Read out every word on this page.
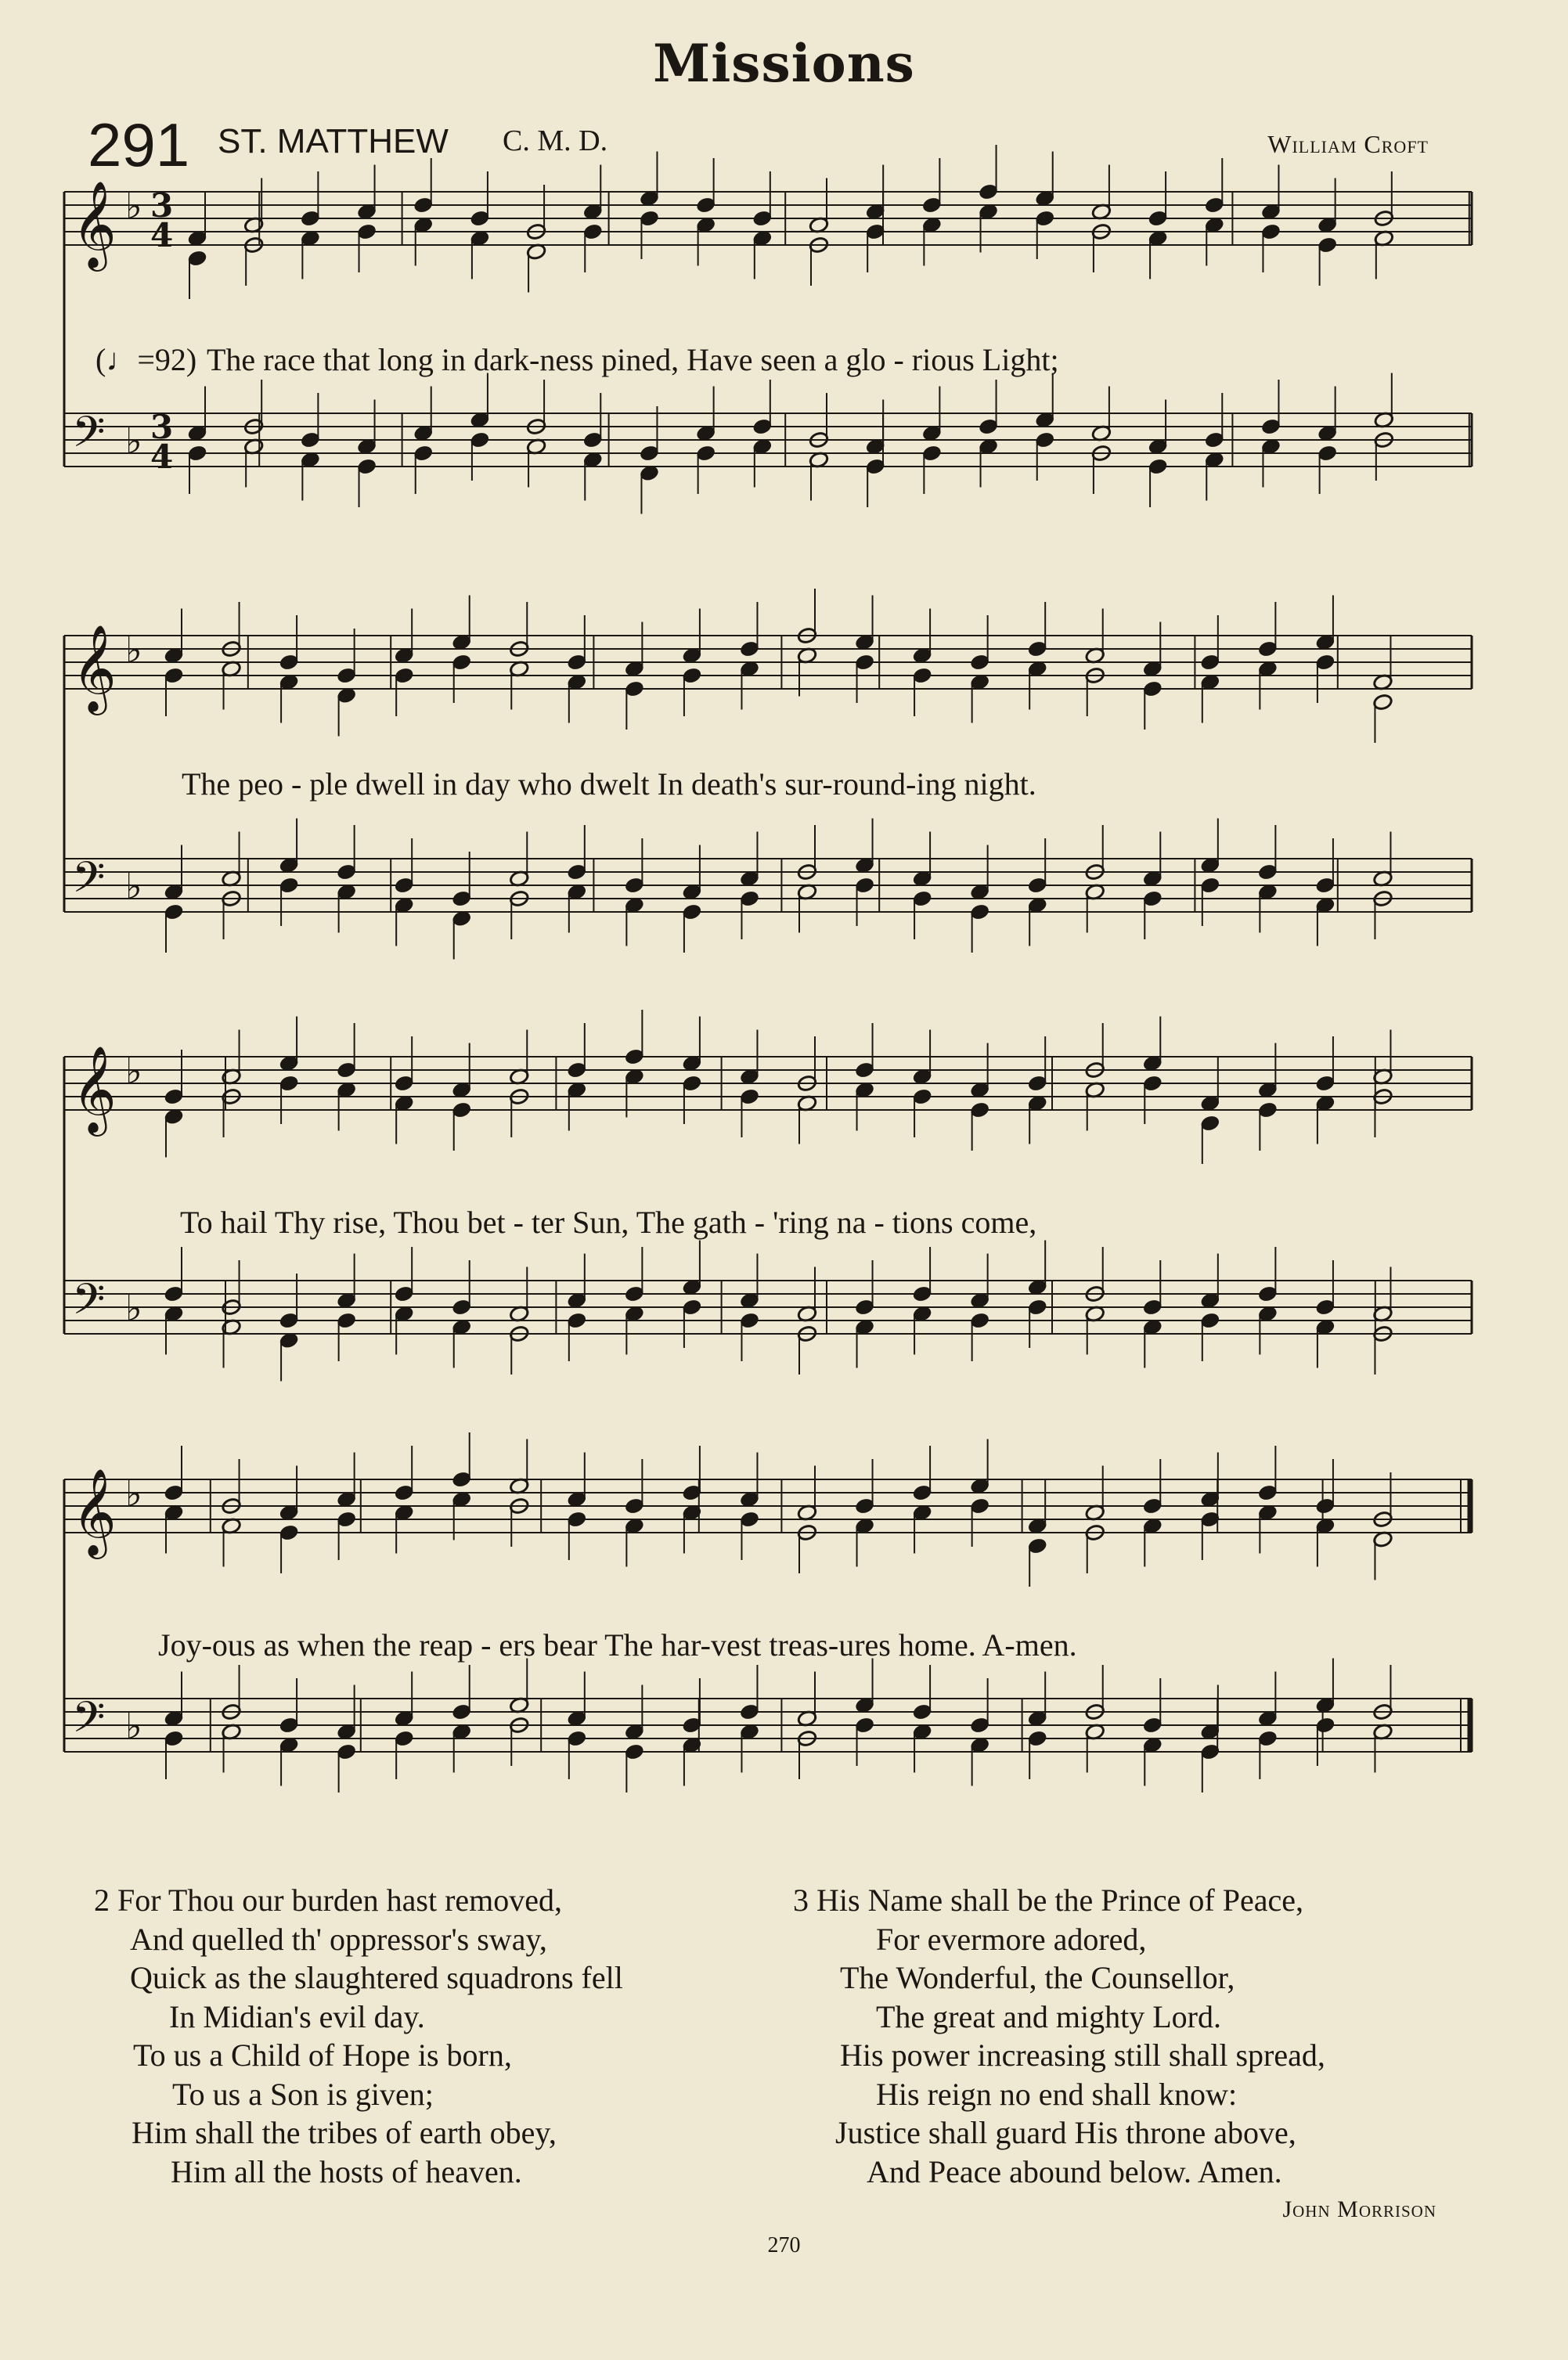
Missions
291 ST. MATTHEW C. M. D.	William Croft
𝄞 ♭ 3
4
𝄢 ♭ 3
4
𝄞 ♭
𝄢 ♭
𝄞 ♭
𝄢 ♭
𝄞 ♭
𝄢 ♭
(♩=92) The race that long in dark-ness pined, Have seen a glo - rious Light;
The peo - ple dwell in day who dwelt In death's sur-round-ing night.
To hail Thy rise, Thou bet - ter Sun, The gath - 'ring na - tions come,
Joy-ous as when the reap - ers bear The har-vest treas-ures home. A-men.
2 For Thou our burden hast removed,
And quelled th' oppressor's sway,
Quick as the slaughtered squadrons fell
In Midian's evil day.
To us a Child of Hope is born,
To us a Son is given;
Him shall the tribes of earth obey,
Him all the hosts of heaven.
3 His Name shall be the Prince of Peace,
For evermore adored,
The Wonderful, the Counsellor,
The great and mighty Lord.
His power increasing still shall spread,
His reign no end shall know:
Justice shall guard His throne above,
And Peace abound below. Amen.
John Morrison
270
